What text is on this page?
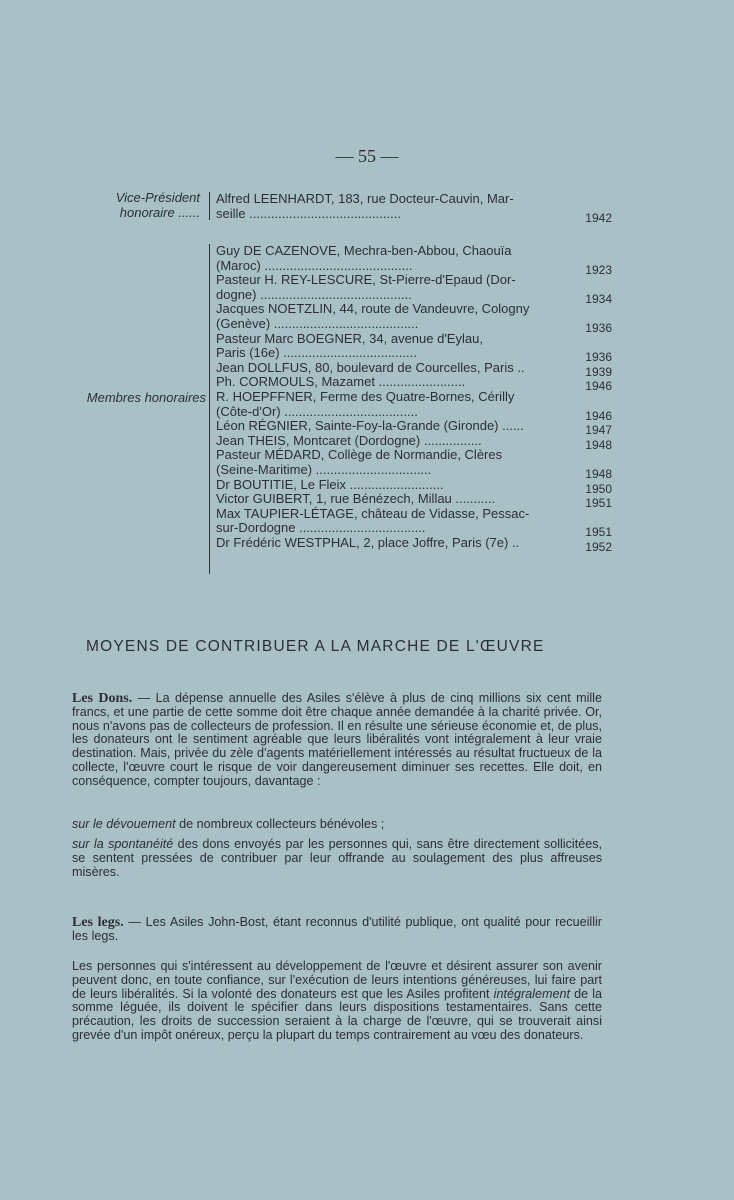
— 55 —
Vice-Président
honoraire ......
Alfred LEENHARDT, 183, rue Docteur-Cauvin, Mar-
seille ..........................................	1942
Membres honoraires
Guy DE CAZENOVE, Mechra-ben-Abbou, Chaouïa
(Maroc) .........................................	1923
Pasteur H. REY-LESCURE, St-Pierre-d'Epaud (Dor-
dogne) ..........................................	1934
Jacques NOETZLIN, 44, route de Vandeuvre, Cologny
(Genève) ........................................	1936
Pasteur Marc BOEGNER, 34, avenue d'Eylau,
Paris (16e) .....................................	1936
Jean DOLLFUS, 80, boulevard de Courcelles, Paris ..	1939
Ph. CORMOULS, Mazamet ........................	1946
R. HOEPFFNER, Ferme des Quatre-Bornes, Cérilly
(Côte-d'Or) .....................................	1946
Léon RÉGNIER, Sainte-Foy-la-Grande (Gironde) ......	1947
Jean THEIS, Montcaret (Dordogne) ................	1948
Pasteur MÉDARD, Collège de Normandie, Clères
(Seine-Maritime) ................................	1948
Dr BOUTITIE, Le Fleix ..........................	1950
Victor GUIBERT, 1, rue Bénézech, Millau ...........	1951
Max TAUPIER-LÉTAGE, château de Vidasse, Pessac-
sur-Dordogne ...................................	1951
Dr Frédéric WESTPHAL, 2, place Joffre, Paris (7e) ..	1952
MOYENS DE CONTRIBUER A LA MARCHE DE L'ŒUVRE
Les Dons. — La dépense annuelle des Asiles s'élève à plus de cinq millions six cent mille francs, et une partie de cette somme doit être chaque année demandée à la charité privée. Or, nous n'avons pas de collecteurs de profession. Il en résulte une sérieuse économie et, de plus, les donateurs ont le sentiment agréable que leurs libéralités vont intégralement à leur vraie destination. Mais, privée du zèle d'agents matériellement intéressés au résultat fructueux de la collecte, l'œuvre court le risque de voir dangereusement diminuer ses recettes. Elle doit, en conséquence, compter toujours, davantage :
sur le dévouement de nombreux collecteurs bénévoles ;
sur la spontanéité des dons envoyés par les personnes qui, sans être directement sollicitées, se sentent pressées de contribuer par leur offrande au soulagement des plus affreuses misères.
Les legs. — Les Asiles John-Bost, étant reconnus d'utilité publique, ont qualité pour recueillir les legs.
Les personnes qui s'intéressent au développement de l'œuvre et désirent assurer son avenir peuvent donc, en toute confiance, sur l'exécution de leurs intentions généreuses, lui faire part de leurs libéralités. Si la volonté des donateurs est que les Asiles profitent intégralement de la somme léguée, ils doivent le spécifier dans leurs dispositions testamentaires. Sans cette précaution, les droits de succession seraient à la charge de l'œuvre, qui se trouverait ainsi grevée d'un impôt onéreux, perçu la plupart du temps contrairement au vœu des donateurs.
